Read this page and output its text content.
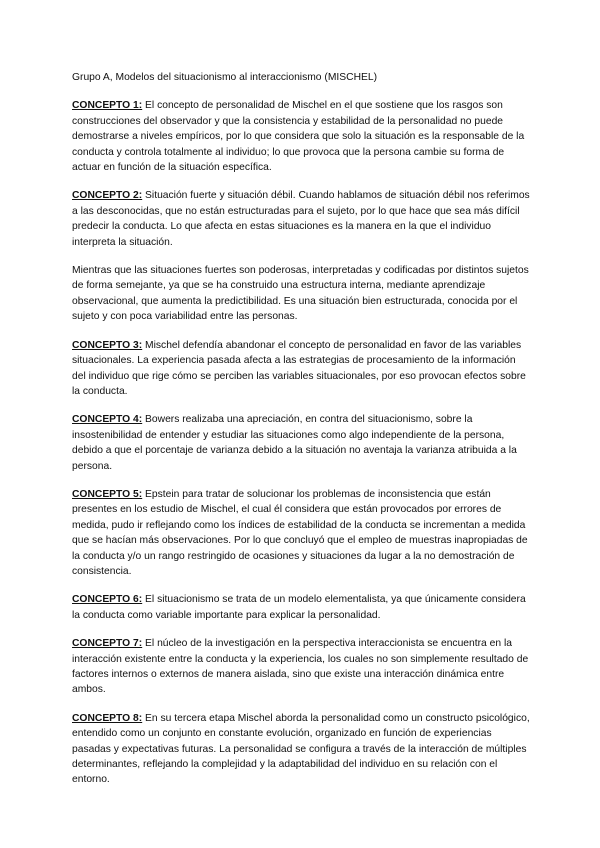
Grupo A, Modelos del situacionismo al interaccionismo (MISCHEL)

CONCEPTO 1: El concepto de personalidad de Mischel en el que sostiene que los rasgos son construcciones del observador y que la consistencia y estabilidad de la personalidad no puede demostrarse a niveles empíricos, por lo que considera que solo la situación es la responsable de la conducta y controla totalmente al individuo; lo que provoca que la persona cambie su forma de actuar en función de la situación específica.

CONCEPTO 2: Situación fuerte y situación débil. Cuando hablamos de situación débil nos referimos a las desconocidas, que no están estructuradas para el sujeto, por lo que hace que sea más difícil predecir la conducta. Lo que afecta en estas situaciones es la manera en la que el individuo interpreta la situación.

Mientras que las situaciones fuertes son poderosas, interpretadas y codificadas por distintos sujetos de forma semejante, ya que se ha construido una estructura interna, mediante aprendizaje observacional, que aumenta la predictibilidad. Es una situación bien estructurada, conocida por el sujeto y con poca variabilidad entre las personas.

CONCEPTO 3: Mischel defendía abandonar el concepto de personalidad en favor de las variables situacionales. La experiencia pasada afecta a las estrategias de procesamiento de la información del individuo que rige cómo se perciben las variables situacionales, por eso provocan efectos sobre la conducta.

CONCEPTO 4: Bowers realizaba una apreciación, en contra del situacionismo, sobre la insostenibilidad de entender y estudiar las situaciones como algo independiente de la persona, debido a que el porcentaje de varianza debido a la situación no aventaja la varianza atribuida a la persona.

CONCEPTO 5: Epstein para tratar de solucionar los problemas de inconsistencia que están presentes en los estudio de Mischel, el cual él considera que están provocados por errores de medida, pudo ir reflejando como los índices de estabilidad de la conducta se incrementan a medida que se hacían más observaciones. Por lo que concluyó que el empleo de muestras inapropiadas de la conducta y/o un rango restringido de ocasiones y situaciones da lugar a la no demostración de consistencia.

CONCEPTO 6: El situacionismo se trata de un modelo elementalista, ya que únicamente considera la conducta como variable importante para explicar la personalidad.

CONCEPTO 7: El núcleo de la investigación en la perspectiva interaccionista se encuentra en la interacción existente entre la conducta y la experiencia, los cuales no son simplemente resultado de factores internos o externos de manera aislada, sino que existe una interacción dinámica entre ambos.

CONCEPTO 8: En su tercera etapa Mischel aborda la personalidad como un constructo psicológico, entendido como un conjunto en constante evolución, organizado en función de experiencias pasadas y expectativas futuras. La personalidad se configura a través de la interacción de múltiples determinantes, reflejando la complejidad y la adaptabilidad del individuo en su relación con el entorno.
